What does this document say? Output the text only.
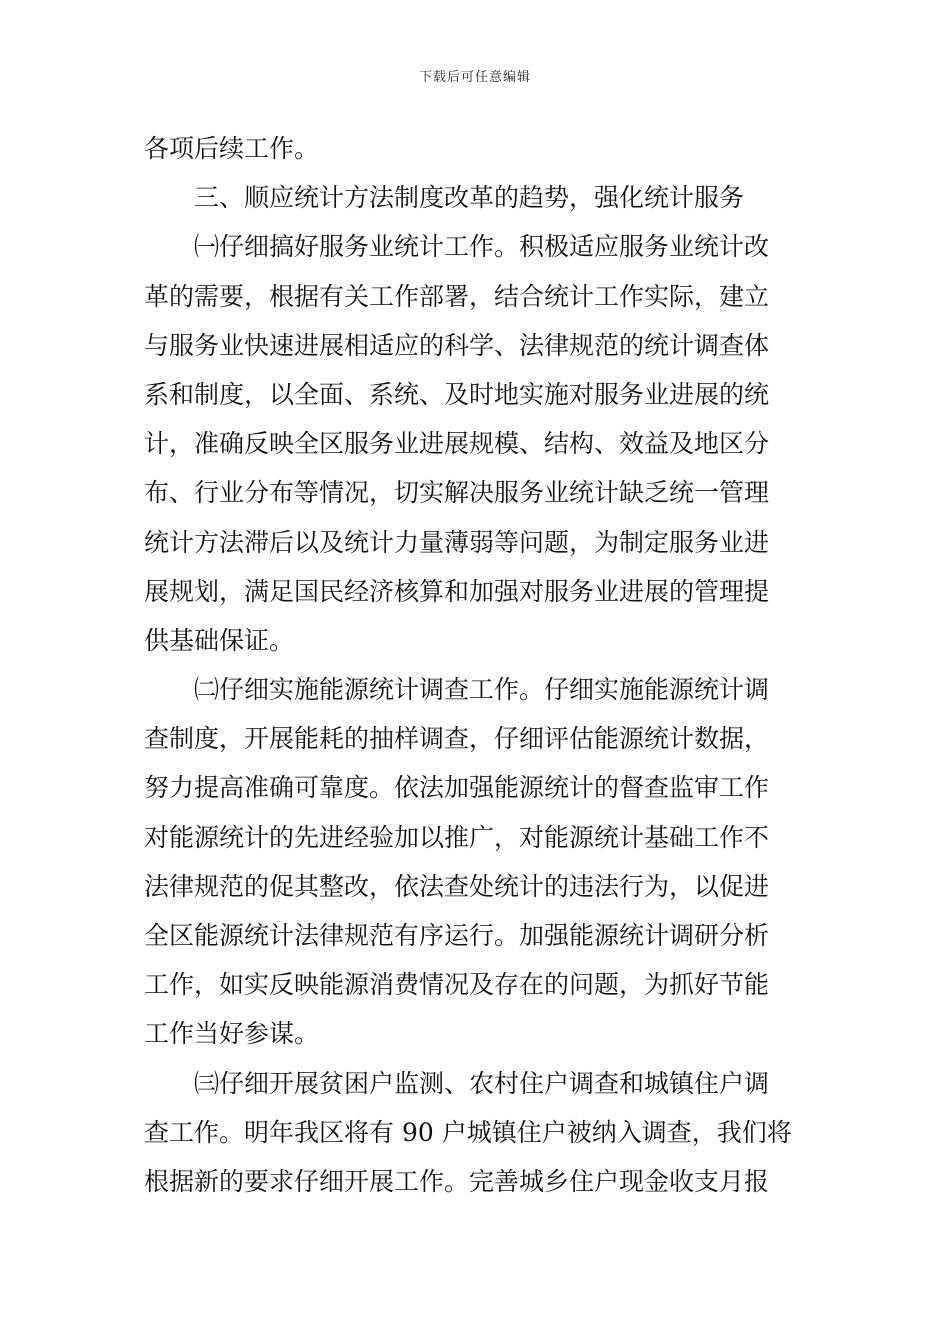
下载后可任意编辑
各项后续工作。
三、顺应统计方法制度改革的趋势，强化统计服务
㈠仔细搞好服务业统计工作。积极适应服务业统计改
革的需要，根据有关工作部署，结合统计工作实际，建立
与服务业快速进展相适应的科学、法律规范的统计调查体
系和制度，以全面、系统、及时地实施对服务业进展的统
计，准确反映全区服务业进展规模、结构、效益及地区分
布、行业分布等情况，切实解决服务业统计缺乏统一管理
统计方法滞后以及统计力量薄弱等问题，为制定服务业进
展规划，满足国民经济核算和加强对服务业进展的管理提
供基础保证。
㈡仔细实施能源统计调查工作。仔细实施能源统计调
查制度，开展能耗的抽样调查，仔细评估能源统计数据，
努力提高准确可靠度。依法加强能源统计的督查监审工作
对能源统计的先进经验加以推广，对能源统计基础工作不
法律规范的促其整改，依法查处统计的违法行为，以促进
全区能源统计法律规范有序运行。加强能源统计调研分析
工作，如实反映能源消费情况及存在的问题，为抓好节能
工作当好参谋。
㈢仔细开展贫困户监测、农村住户调查和城镇住户调
查工作。明年我区将有 90 户城镇住户被纳入调查，我们将
根据新的要求仔细开展工作。完善城乡住户现金收支月报
